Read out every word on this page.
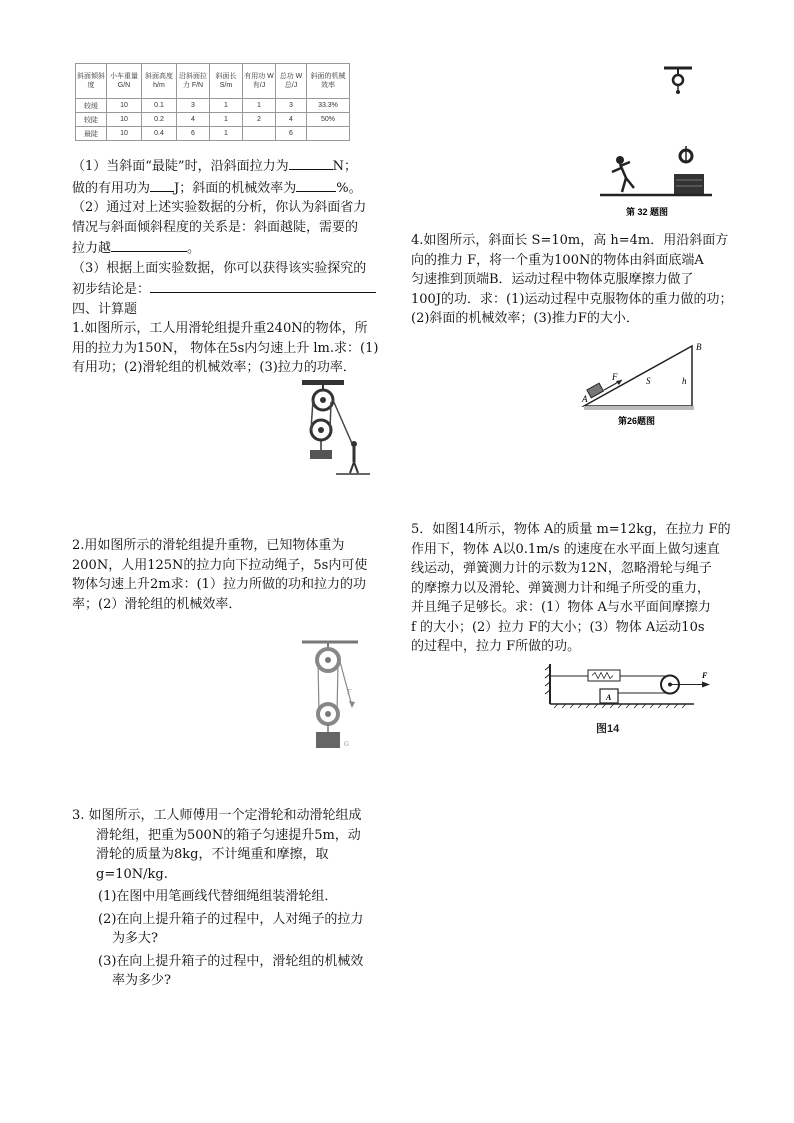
斜面倾斜度	小车重量 G/N	斜面高度 h/m	沿斜面拉力 F/N	斜面长 S/m	有用功 W有/J	总功 W总/J	斜面的机械效率
较缓	10	0.1	3	1	1	3	33.3%
较陡	10	0.2	4	1	2	4	50%
最陡	10	0.4	6	1		6	

（1）当斜面“最陡”时，沿斜面拉力为	N；

做的有用功为 J；斜面的机械效率为	%。

（2）通过对上述实验数据的分析，你认为斜面省力

情况与斜面倾斜程度的关系是：斜面越陡，需要的

拉力越	。

（3）根据上面实验数据，你可以获得该实验探究的

初步结论是：

四、计算题

1.如图所示，工人用滑轮组提升重240N的物体，所

用的拉力为150N， 物体在5s内匀速上升 lm.求：(1)

有用功；(2)滑轮组的机械效率；(3)拉力的功率．

2.用如图所示的滑轮组提升重物，已知物体重为

200N，人用125N的拉力向下拉动绳子，5s内可使

物体匀速上升2m求：(1）拉力所做的功和拉力的功

率；(2）滑轮组的机械效率．

F
G

3. 如图所示，工人师傅用一个定滑轮和动滑轮组成

滑轮组，把重为500N的箱子匀速提升5m，动

滑轮的质量为8kg，不计绳重和摩擦，取

g=10N/kg.

(1)在图中用笔画线代替细绳组装滑轮组．

(2)在向上提升箱子的过程中，人对绳子的拉力

为多大?

(3)在向上提升箱子的过程中，滑轮组的机械效

率为多少?

第 32 题图

4.如图所示，斜面长 S=10m，高 h=4m．用沿斜面方

向的推力 F，将一个重为100N的物体由斜面底端A

匀速推到顶端B．运动过程中物体克服摩擦力做了

100J的功．求：(1)运动过程中克服物体的重力做的功；

(2)斜面的机械效率；(3)推力F的大小．

F	S
B
h
A
第26题图

5．如图14所示，物体 A的质量 m=12kg，在拉力 F的

作用下，物体 A以0.1m/s 的速度在水平面上做匀速直

线运动，弹簧测力计的示数为12N，忽略滑轮与绳子

的摩擦力以及滑轮、弹簧测力计和绳子所受的重力，

并且绳子足够长。求：(1）物体 A与水平面间摩擦力

f 的大小；(2）拉力 F的大小；(3）物体 A运动10s

的过程中，拉力 F所做的功。

A
F
图14
